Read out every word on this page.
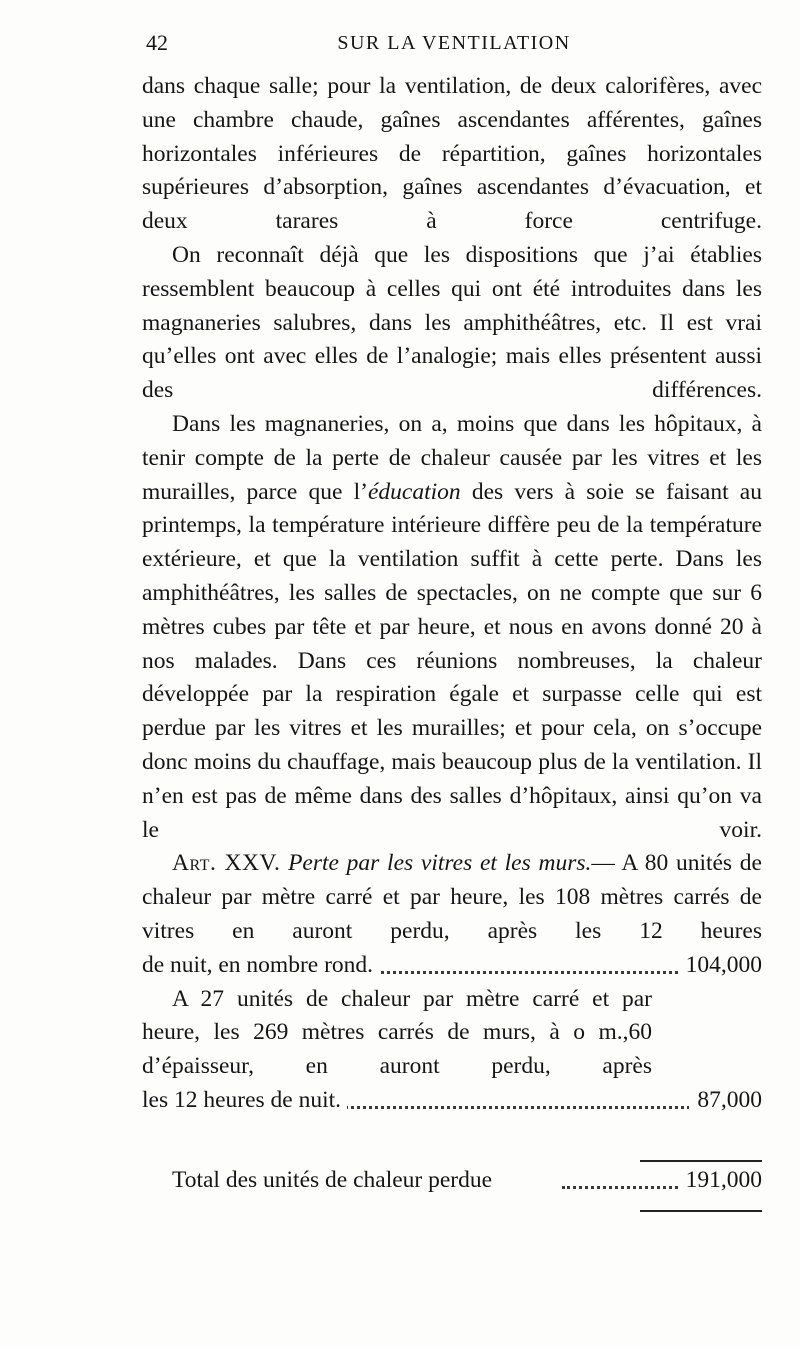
42	SUR LA VENTILATION

dans chaque salle; pour la ventilation, de deux calorifères, avec une chambre chaude, gaînes ascendantes afférentes, gaînes horizontales inférieures de répartition, gaînes horizontales supérieures d’absorption, gaînes ascendantes d’évacuation, et deux tarares à force centrifuge.

On reconnaît déjà que les dispositions que j’ai établies ressemblent beaucoup à celles qui ont été introduites dans les magnaneries salubres, dans les amphithéâtres, etc. Il est vrai qu’elles ont avec elles de l’analogie; mais elles présentent aussi des différences.

Dans les magnaneries, on a, moins que dans les hôpitaux, à tenir compte de la perte de chaleur causée par les vitres et les murailles, parce que l’éducation des vers à soie se faisant au printemps, la température intérieure diffère peu de la température extérieure, et que la ventilation suffit à cette perte. Dans les amphithéâtres, les salles de spectacles, on ne compte que sur 6 mètres cubes par tête et par heure, et nous en avons donné 20 à nos malades. Dans ces réunions nombreuses, la chaleur développée par la respiration égale et surpasse celle qui est perdue par les vitres et les murailles; et pour cela, on s’occupe donc moins du chauffage, mais beaucoup plus de la ventilation. Il n’en est pas de même dans des salles d’hôpitaux, ainsi qu’on va le voir.

Art. XXV. Perte par les vitres et les murs.— A 80 unités de chaleur par mètre carré et par heure, les 108 mètres carrés de vitres en auront perdu, après les 12 heures

de nuit, en nombre rond.	104,000

A 27 unités de chaleur par mètre carré et par heure, les 269 mètres carrés de murs, à o m.,60 d’épaisseur, en auront perdu, après

les 12 heures de nuit.	87,000
Total des unités de chaleur perdue	191,000
